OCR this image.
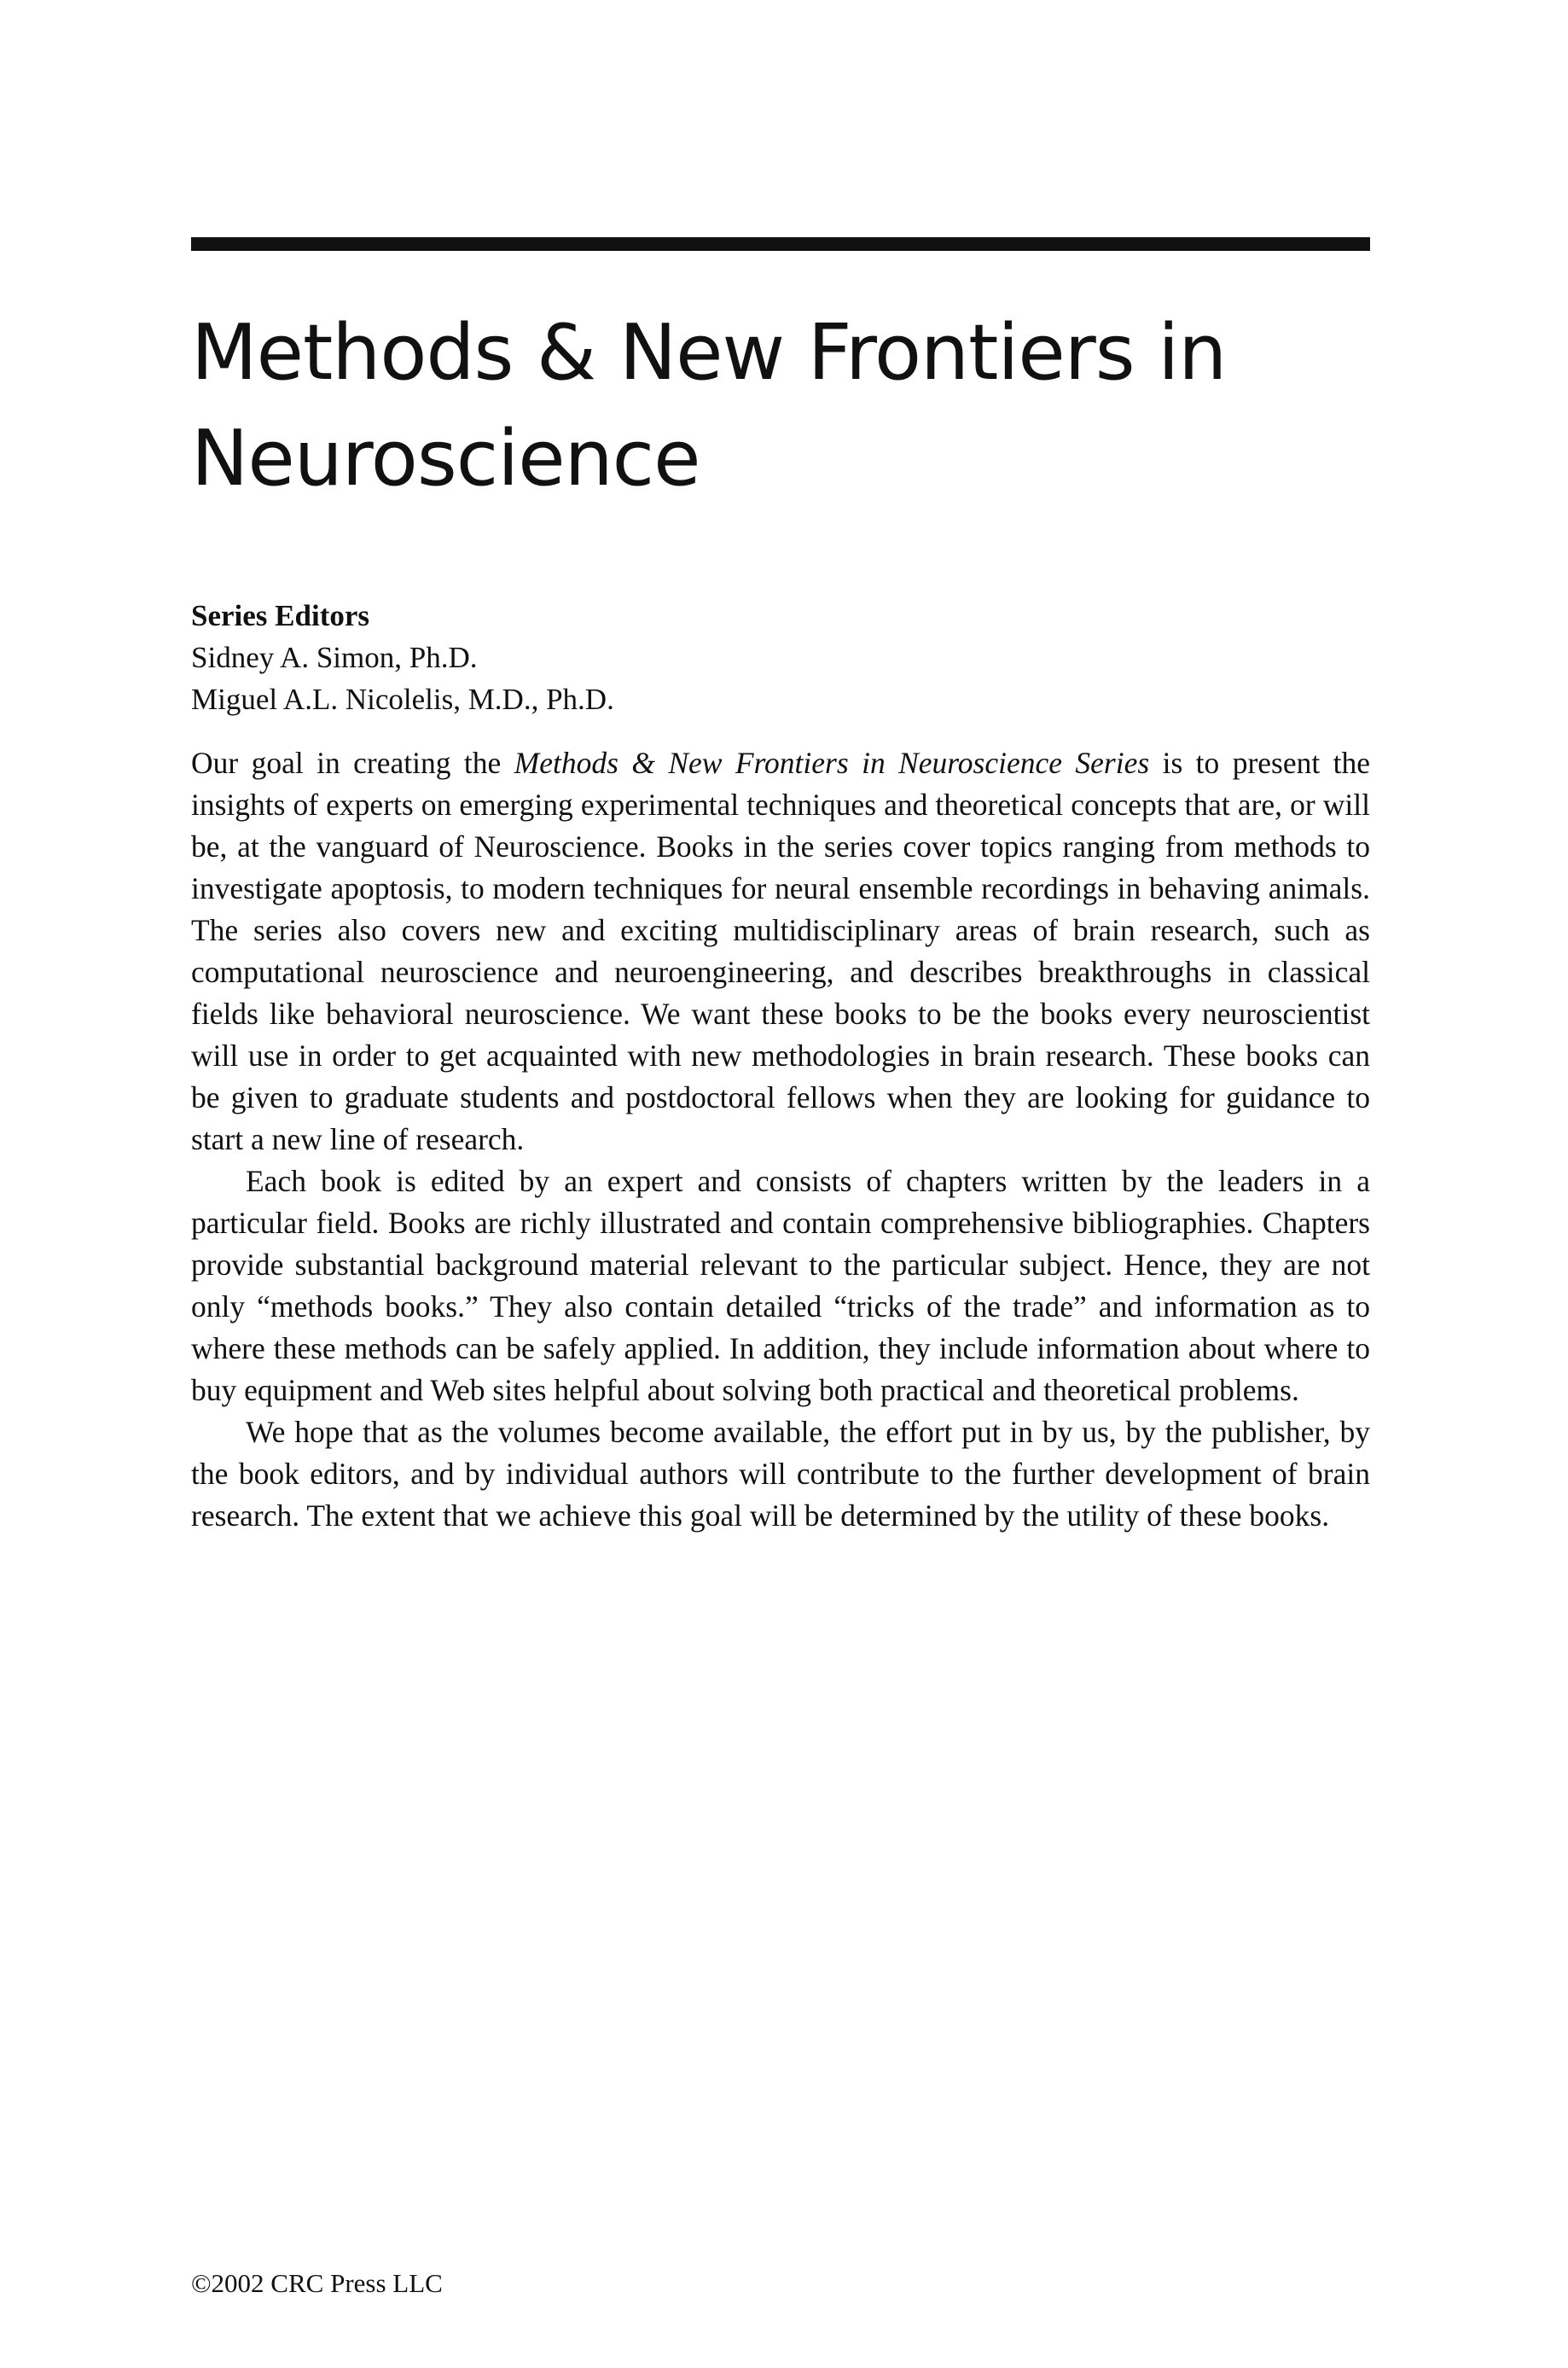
Methods & New Frontiers in Neuroscience
Series Editors
Sidney A. Simon, Ph.D.
Miguel A.L. Nicolelis, M.D., Ph.D.

Our goal in creating the Methods & New Frontiers in Neuroscience Series is to present the insights of experts on emerging experimental techniques and theoretical concepts that are, or will be, at the vanguard of Neuroscience. Books in the series cover topics ranging from methods to investigate apoptosis, to modern techniques for neural ensemble recordings in behaving animals. The series also covers new and exciting multidisciplinary areas of brain research, such as computational neuroscience and neuroengineering, and describes breakthroughs in classical fields like behavioral neuroscience. We want these books to be the books every neuroscientist will use in order to get acquainted with new methodologies in brain research. These books can be given to graduate students and postdoctoral fellows when they are looking for guidance to start a new line of research.

Each book is edited by an expert and consists of chapters written by the leaders in a particular field. Books are richly illustrated and contain comprehensive bibliographies. Chapters provide substantial background material relevant to the particular subject. Hence, they are not only “methods books.” They also contain detailed “tricks of the trade” and information as to where these methods can be safely applied. In addition, they include information about where to buy equipment and Web sites helpful about solving both practical and theoretical problems.

We hope that as the volumes become available, the effort put in by us, by the publisher, by the book editors, and by individual authors will contribute to the further development of brain research. The extent that we achieve this goal will be determined by the utility of these books.

©2002 CRC Press LLC
